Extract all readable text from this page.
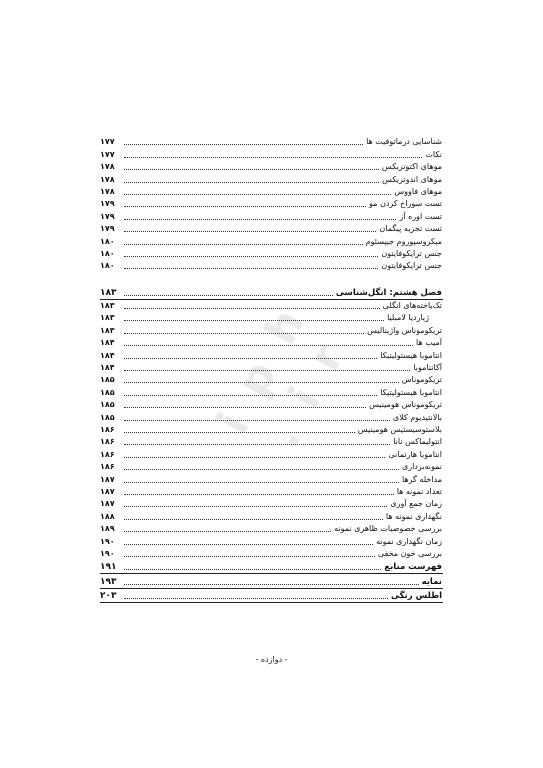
i p h . i r
شناسایی درماتوفیت ها
۱۷۷
نکات
۱۷۷
موهای اکتوتریکس
۱۷۸
موهای اندوتریکس
۱۷۸
موهای فاووس
۱۷۸
تست سوراخ کردن مو
۱۷۹
تست اوره آز
۱۷۹
تست تجزیه پیگمان
۱۷۹
میکروسپوروم جیپسئوم
۱۸۰
جنس ترایکوفایتون
۱۸۰
جنس ترایکوفایتون
۱۸۰
فصل هشتم: انگل‌شناسی
۱۸۳
تک‌یاخته‌های انگلی
۱۸۳
ژیاردیا لامبلیا
۱۸۳
تریکوموناس واژینالیس
۱۸۳
آمیب ها
۱۸۴
انتاموبا هیستولیتیکا
۱۸۴
آکانتاموبا
۱۸۴
تریکوموناس
۱۸۵
انتاموبا هیستولیتیکا
۱۸۵
تریکوموناس هومینیس
۱۸۵
بالانتیدیوم کلای
۱۸۵
بلاستوسیستیس هومینیس
۱۸۶
انتولیماکس نانا
۱۸۶
انتاموبا هارتمانی
۱۸۶
نمونه‌برداری
۱۸۶
مداخله گرها
۱۸۷
تعداد نمونه ها
۱۸۷
زمان جمع آوری
۱۸۷
نگهداری نمونه ها
۱۸۸
بررسی خصوصیات ظاهری نمونه
۱۸۹
زمان نگهداری نمونه
۱۹۰
بررسی خون مخفی
۱۹۰
فهرست منابع
۱۹۱
نمایه
۱۹۳
اطلس رنگی
۲۰۳
- دوازده -
